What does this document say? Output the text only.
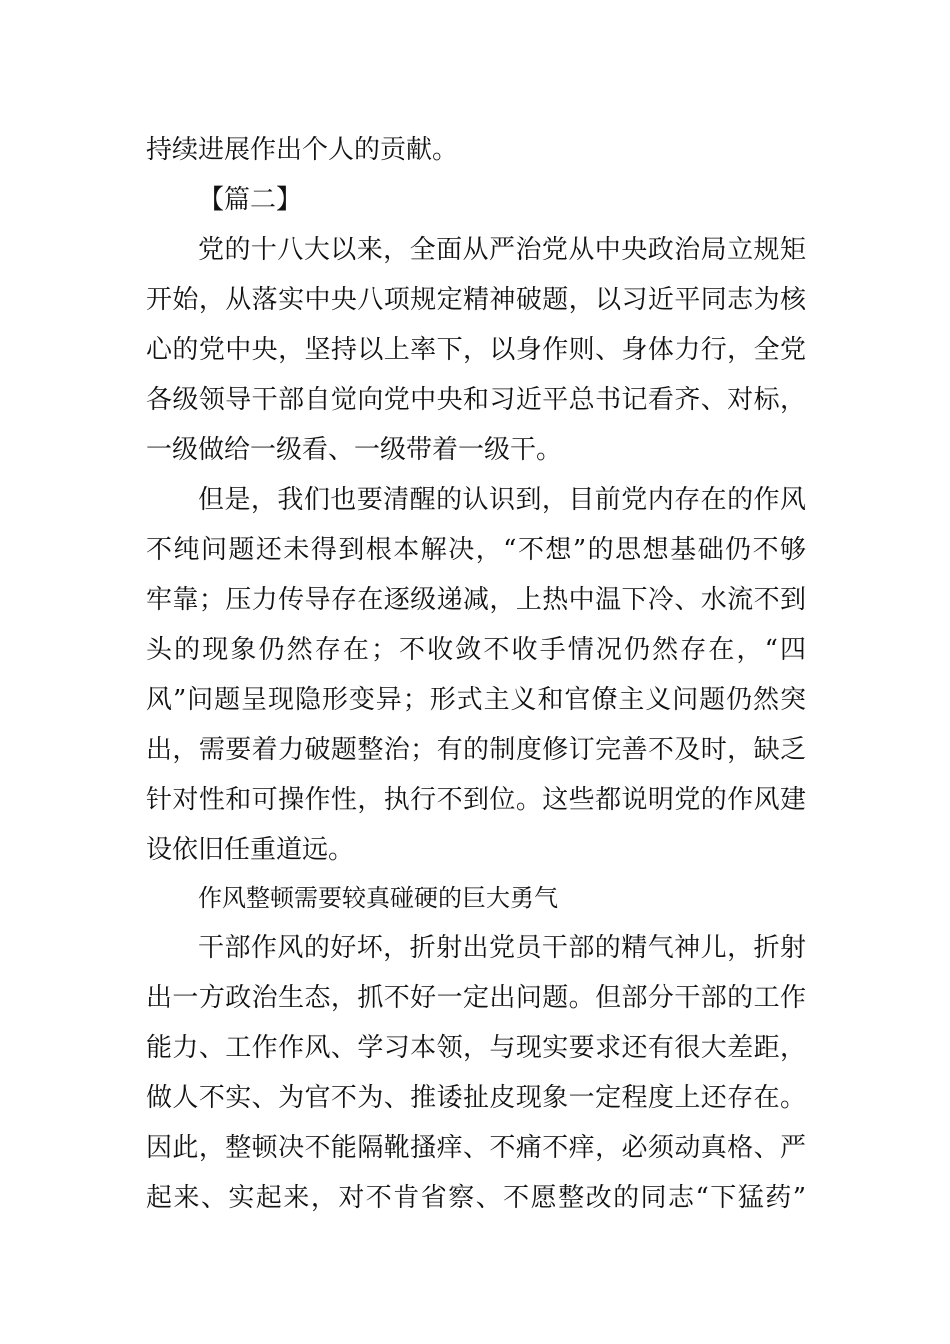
持续进展作出个人的贡献。
【篇二】
党的十八大以来，全面从严治党从中央政治局立规矩
开始，从落实中央八项规定精神破题，以习近平同志为核
心的党中央，坚持以上率下，以身作则、身体力行，全党
各级领导干部自觉向党中央和习近平总书记看齐、对标，
一级做给一级看、一级带着一级干。
但是，我们也要清醒的认识到，目前党内存在的作风
不纯问题还未得到根本解决，“不想”的思想基础仍不够
牢靠；压力传导存在逐级递减，上热中温下冷、水流不到
头的现象仍然存在；不收敛不收手情况仍然存在，“四
风”问题呈现隐形变异；形式主义和官僚主义问题仍然突
出，需要着力破题整治；有的制度修订完善不及时，缺乏
针对性和可操作性，执行不到位。这些都说明党的作风建
设依旧任重道远。
作风整顿需要较真碰硬的巨大勇气
干部作风的好坏，折射出党员干部的精气神儿，折射
出一方政治生态，抓不好一定出问题。但部分干部的工作
能力、工作作风、学习本领，与现实要求还有很大差距，
做人不实、为官不为、推诿扯皮现象一定程度上还存在。
因此，整顿决不能隔靴搔痒、不痛不痒，必须动真格、严
起来、实起来，对不肯省察、不愿整改的同志“下猛药”
